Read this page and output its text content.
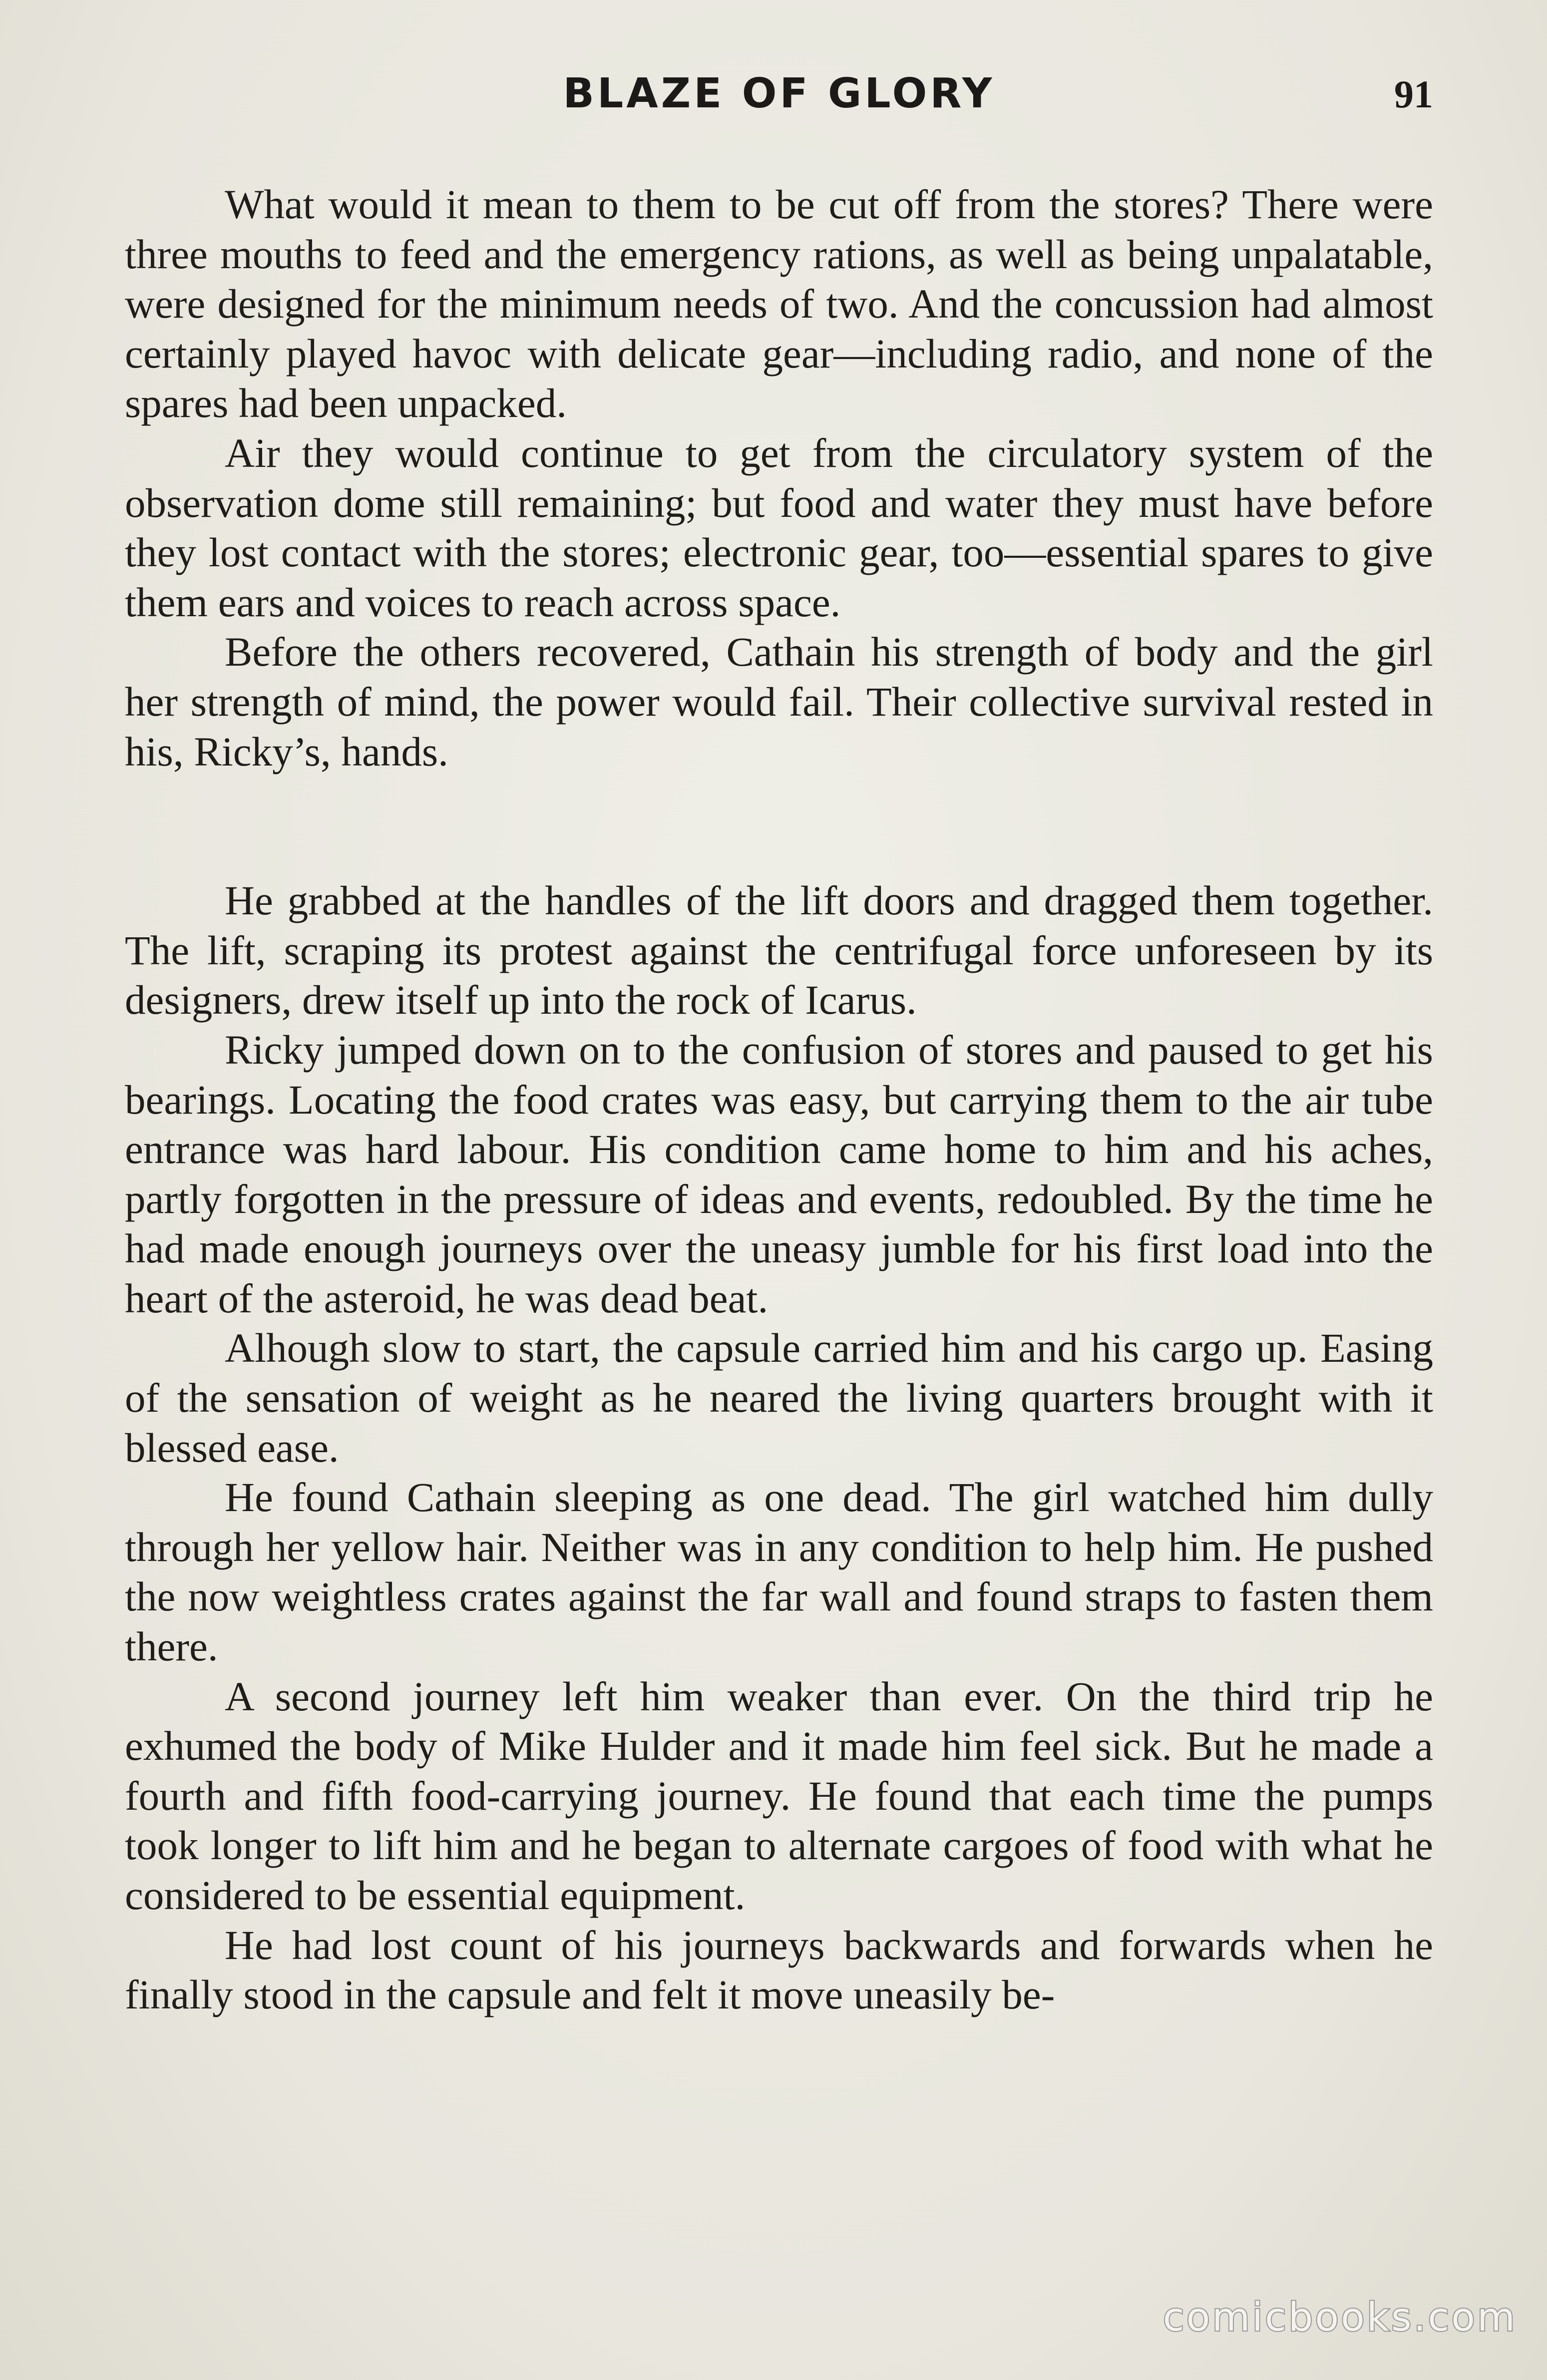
BLAZE OF GLORY	91

What would it mean to them to be cut off from the stores? There were three mouths to feed and the emergency rations, as well as being unpalatable, were designed for the minimum needs of two. And the concussion had almost certainly played havoc with delicate gear—including radio, and none of the spares had been unpacked.

Air they would continue to get from the circulatory system of the observation dome still remaining; but food and water they must have before they lost contact with the stores; electronic gear, too—essential spares to give them ears and voices to reach across space.

Before the others recovered, Cathain his strength of body and the girl her strength of mind, the power would fail. Their collective survival rested in his, Ricky’s, hands.

He grabbed at the handles of the lift doors and dragged them together. The lift, scraping its protest against the centrifugal force unforeseen by its designers, drew itself up into the rock of Icarus.

Ricky jumped down on to the confusion of stores and paused to get his bearings. Locating the food crates was easy, but carrying them to the air tube entrance was hard labour. His condition came home to him and his aches, partly forgotten in the pressure of ideas and events, redoubled. By the time he had made enough journeys over the uneasy jumble for his first load into the heart of the asteroid, he was dead beat.

Alhough slow to start, the capsule carried him and his cargo up. Easing of the sensation of weight as he neared the living quarters brought with it blessed ease.

He found Cathain sleeping as one dead. The girl watched him dully through her yellow hair. Neither was in any condition to help him. He pushed the now weightless crates against the far wall and found straps to fasten them there.

A second journey left him weaker than ever. On the third trip he exhumed the body of Mike Hulder and it made him feel sick. But he made a fourth and fifth food-carrying journey. He found that each time the pumps took longer to lift him and he began to alternate cargoes of food with what he considered to be essential equipment.

He had lost count of his journeys backwards and forwards when he finally stood in the capsule and felt it move uneasily be-

comicbooks.com
